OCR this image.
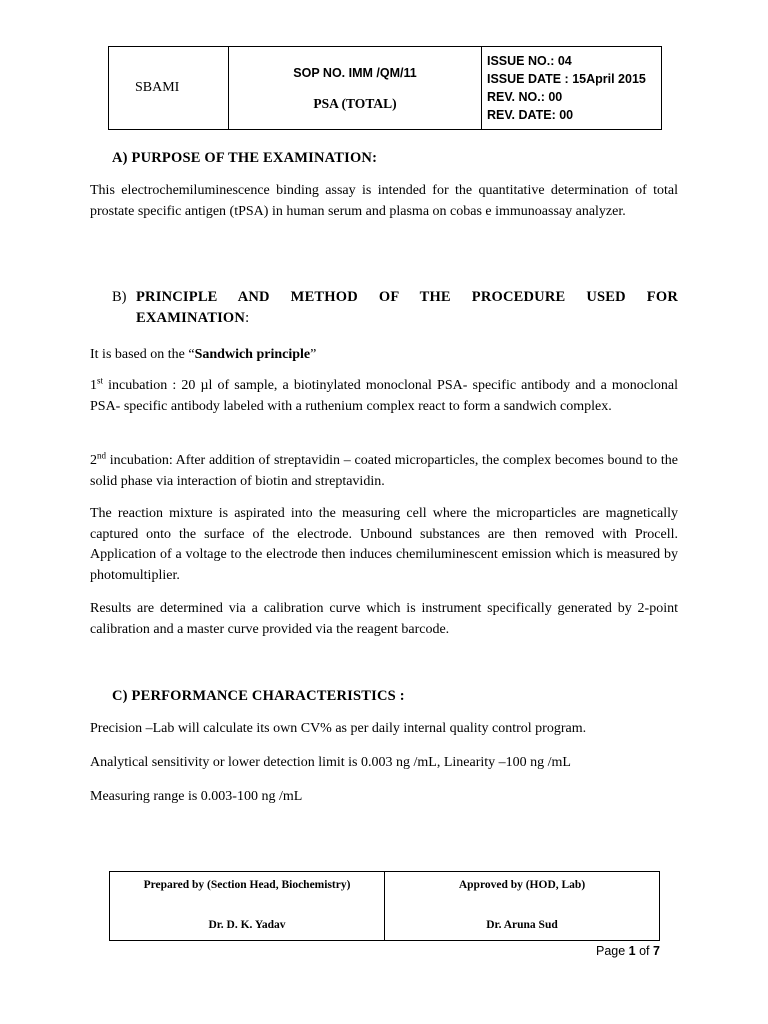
SBAMI

SOP NO. IMM /QM/11
PSA (TOTAL)

ISSUE NO.: 04
ISSUE DATE : 15April 2015
REV. NO.: 00
REV. DATE: 00
A) PURPOSE OF THE EXAMINATION:
This electrochemiluminescence binding assay is intended for the quantitative determination of total prostate specific antigen (tPSA) in human serum and plasma on cobas e immunoassay analyzer.
B) PRINCIPLE AND METHOD OF THE PROCEDURE USED FOR
EXAMINATION:
It is based on the “Sandwich principle”
1st incubation : 20 µl of sample, a biotinylated monoclonal PSA- specific antibody and a monoclonal PSA- specific antibody labeled with a ruthenium complex react to form a sandwich complex.
2nd incubation: After addition of streptavidin – coated microparticles, the complex becomes bound to the solid phase via interaction of biotin and streptavidin.
The reaction mixture is aspirated into the measuring cell where the microparticles are magnetically captured onto the surface of the electrode. Unbound substances are then removed with Procell. Application of a voltage to the electrode then induces chemiluminescent emission which is measured by photomultiplier.
Results are determined via a calibration curve which is instrument specifically generated by 2-point calibration and a master curve provided via the reagent barcode.
C) PERFORMANCE CHARACTERISTICS :
Precision –Lab will calculate its own CV% as per daily internal quality control program.
Analytical sensitivity or lower detection limit is 0.003 ng /mL, Linearity –100 ng /mL
Measuring range is 0.003-100 ng /mL
Prepared by (Section Head, Biochemistry)
Dr. D. K. Yadav

Approved by (HOD, Lab)
Dr. Aruna Sud
Page 1 of 7
